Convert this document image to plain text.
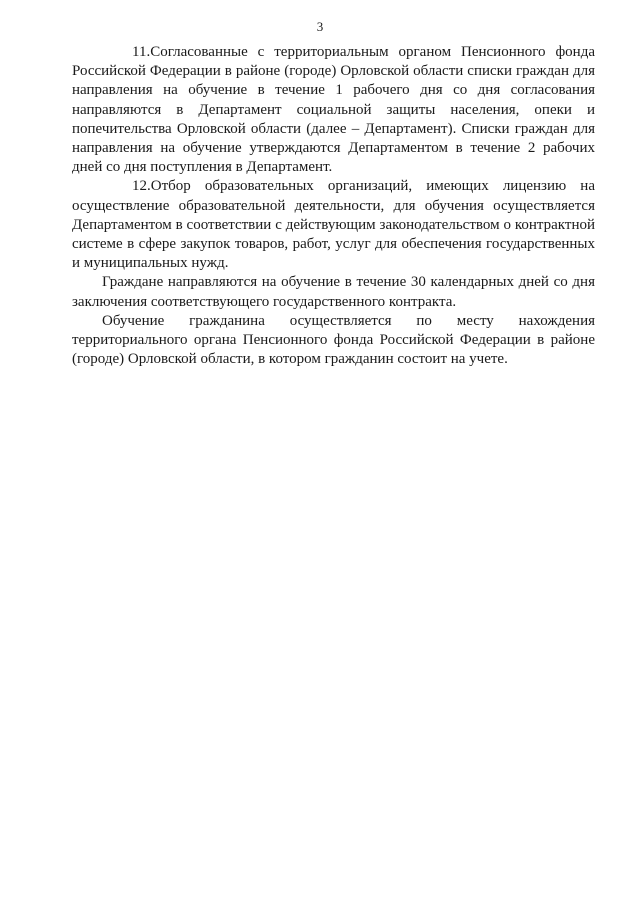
3

11.Согласованные с территориальным органом Пенсионного фонда Российской Федерации в районе (городе) Орловской области списки граждан для направления на обучение в течение 1 рабочего дня со дня согласования направляются в Департамент социальной защиты населения, опеки и попечительства Орловской области (далее – Департамент). Списки граждан для направления на обучение утверждаются Департаментом в течение 2 рабочих дней со дня поступления в Департамент.

12.Отбор образовательных организаций, имеющих лицензию на осуществление образовательной деятельности, для обучения осуществляется Департаментом в соответствии с действующим законодательством о контрактной системе в сфере закупок товаров, работ, услуг для обеспечения государственных и муниципальных нужд.

Граждане направляются на обучение в течение 30 календарных дней со дня заключения соответствующего государственного контракта.

Обучение гражданина осуществляется по месту нахождения территориального органа Пенсионного фонда Российской Федерации в районе (городе) Орловской области, в котором гражданин состоит на учете.
